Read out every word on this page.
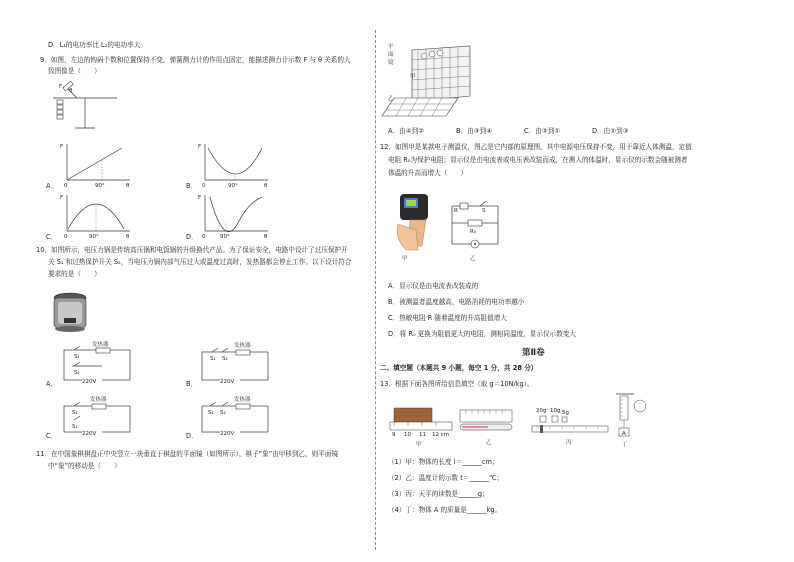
D．L₁的电功率比 L₂的电功率大
9．如图，左边的钩码个数和位置保持不变，弹簧测力计的作用点固定，能描述测力计示数 F 与 θ 关系的大
致图像是（　　）
θ
F
F
0	90°	θ
A．
F
0	90°	θ
B．
F
0	90°	θ
C．
F
0	90°	θ
D．
10．如图所示，电压力锅是传统高压锅和电饭锅的升级换代产品。为了保证安全，电路中设计了过压保护开
关 S₁ 和过热保护开关 S₂，当电压力锅内部气压过大或温度过高时，发热器都会停止工作。以下设计符合
要求的是（　　）
发热器
S₁
S₂
220V
A．
发热器
S₁ S₂
220V
B．
发热器
S₁
S₂
220V
C．
发热器
S₁ S₂
220V
D．
11．在中国象棋棋盘正中央竖立一块垂直于棋盘的平面镜（如图所示），棋子“象”由甲移到乙，则平面镜
中“象”的移动是（　　）
平
面
镜
甲
乙
A．由④到②	B．由③到④	C．由③到①	D．由①到③
12．如图甲是某款电子测温仪，图乙是它内部的原理图，其中电源电压保持不变，用于靠近人体测温，定值
电阻 R₀为保护电阻；显示仪是由电流表或电压表改装而成，在测人的体温时，显示仪的示数会随被测者
体温的升高而增大（　　）
甲
R	S
R₀
乙
A．显示仪是由电流表改装成的
B．被测温者温度越高，电路消耗的电功率越小
C．热敏电阻 R 随着温度的升高阻值增大
D．将 R₀ 更换为阻值更大的电阻，测相同温度，显示仪示数变大
第Ⅱ卷
二、填空题（本题共 9 小题，每空 1 分，共 28 分）
13．根据下面各图所给信息填空（取 g＝10N/kg）。
9 10 11 12 cm
甲	乙
20g 10g 5g
丙
A
丁
（1）甲：物体的长度 l＝______cm；
（2）乙：温度计的示数 t＝______℃；
（3）丙：天平的读数是______g；
（4）丁：物体 A 的质量是______kg。
